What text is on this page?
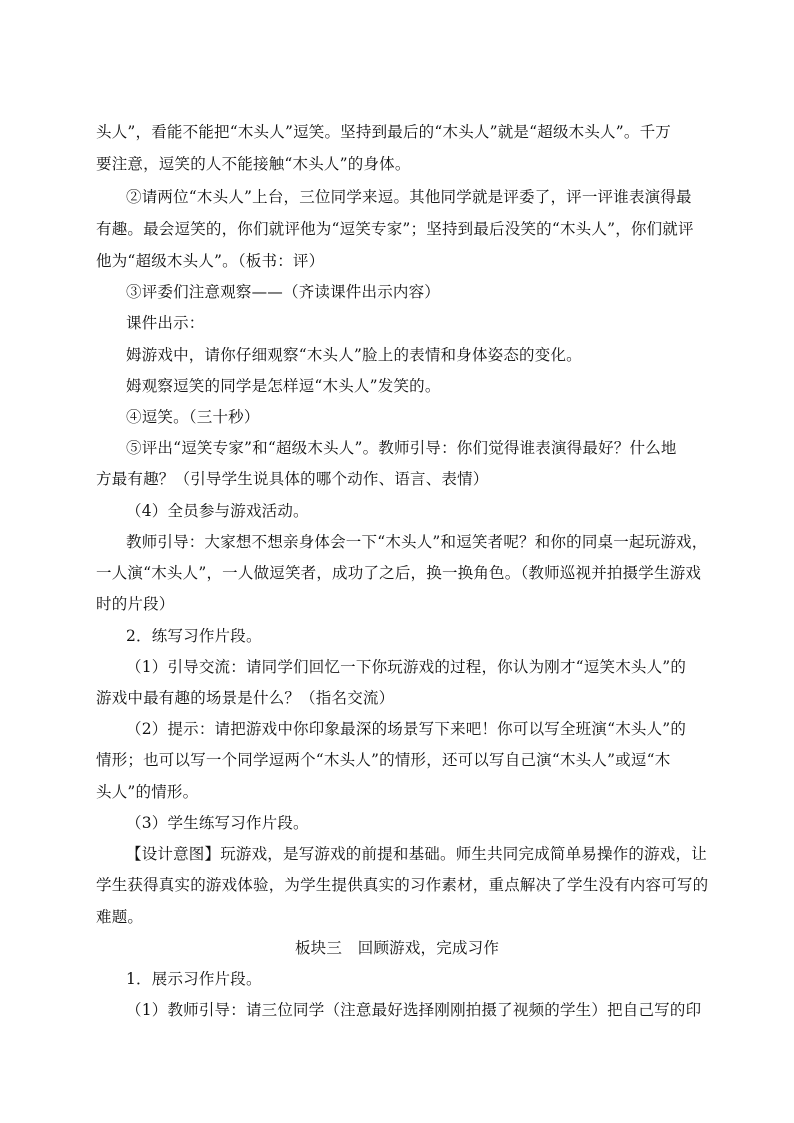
头人”，看能不能把“木头人”逗笑。坚持到最后的“木头人”就是“超级木头人”。千万

要注意，逗笑的人不能接触“木头人”的身体。

②请两位“木头人”上台，三位同学来逗。其他同学就是评委了，评一评谁表演得最

有趣。最会逗笑的，你们就评他为“逗笑专家”；坚持到最后没笑的“木头人”，你们就评

他为“超级木头人”。（板书：评）

③评委们注意观察——（齐读课件出示内容）

课件出示：

姆游戏中，请你仔细观察“木头人”脸上的表情和身体姿态的变化。

姆观察逗笑的同学是怎样逗“木头人”发笑的。

④逗笑。（三十秒）

⑤评出“逗笑专家”和“超级木头人”。教师引导：你们觉得谁表演得最好？什么地

方最有趣？（引导学生说具体的哪个动作、语言、表情）

（4）全员参与游戏活动。

教师引导：大家想不想亲身体会一下“木头人”和逗笑者呢？和你的同桌一起玩游戏，

一人演“木头人”，一人做逗笑者，成功了之后，换一换角色。（教师巡视并拍摄学生游戏

时的片段）

2．练写习作片段。

（1）引导交流：请同学们回忆一下你玩游戏的过程，你认为刚才“逗笑木头人”的

游戏中最有趣的场景是什么？（指名交流）

（2）提示：请把游戏中你印象最深的场景写下来吧！你可以写全班演“木头人”的

情形；也可以写一个同学逗两个“木头人”的情形，还可以写自己演“木头人”或逗“木

头人”的情形。

（3）学生练写习作片段。

【设计意图】玩游戏，是写游戏的前提和基础。师生共同完成简单易操作的游戏，让

学生获得真实的游戏体验，为学生提供真实的习作素材，重点解决了学生没有内容可写的

难题。

板块三　回顾游戏，完成习作

1．展示习作片段。

（1）教师引导：请三位同学（注意最好选择刚刚拍摄了视频的学生）把自己写的印
